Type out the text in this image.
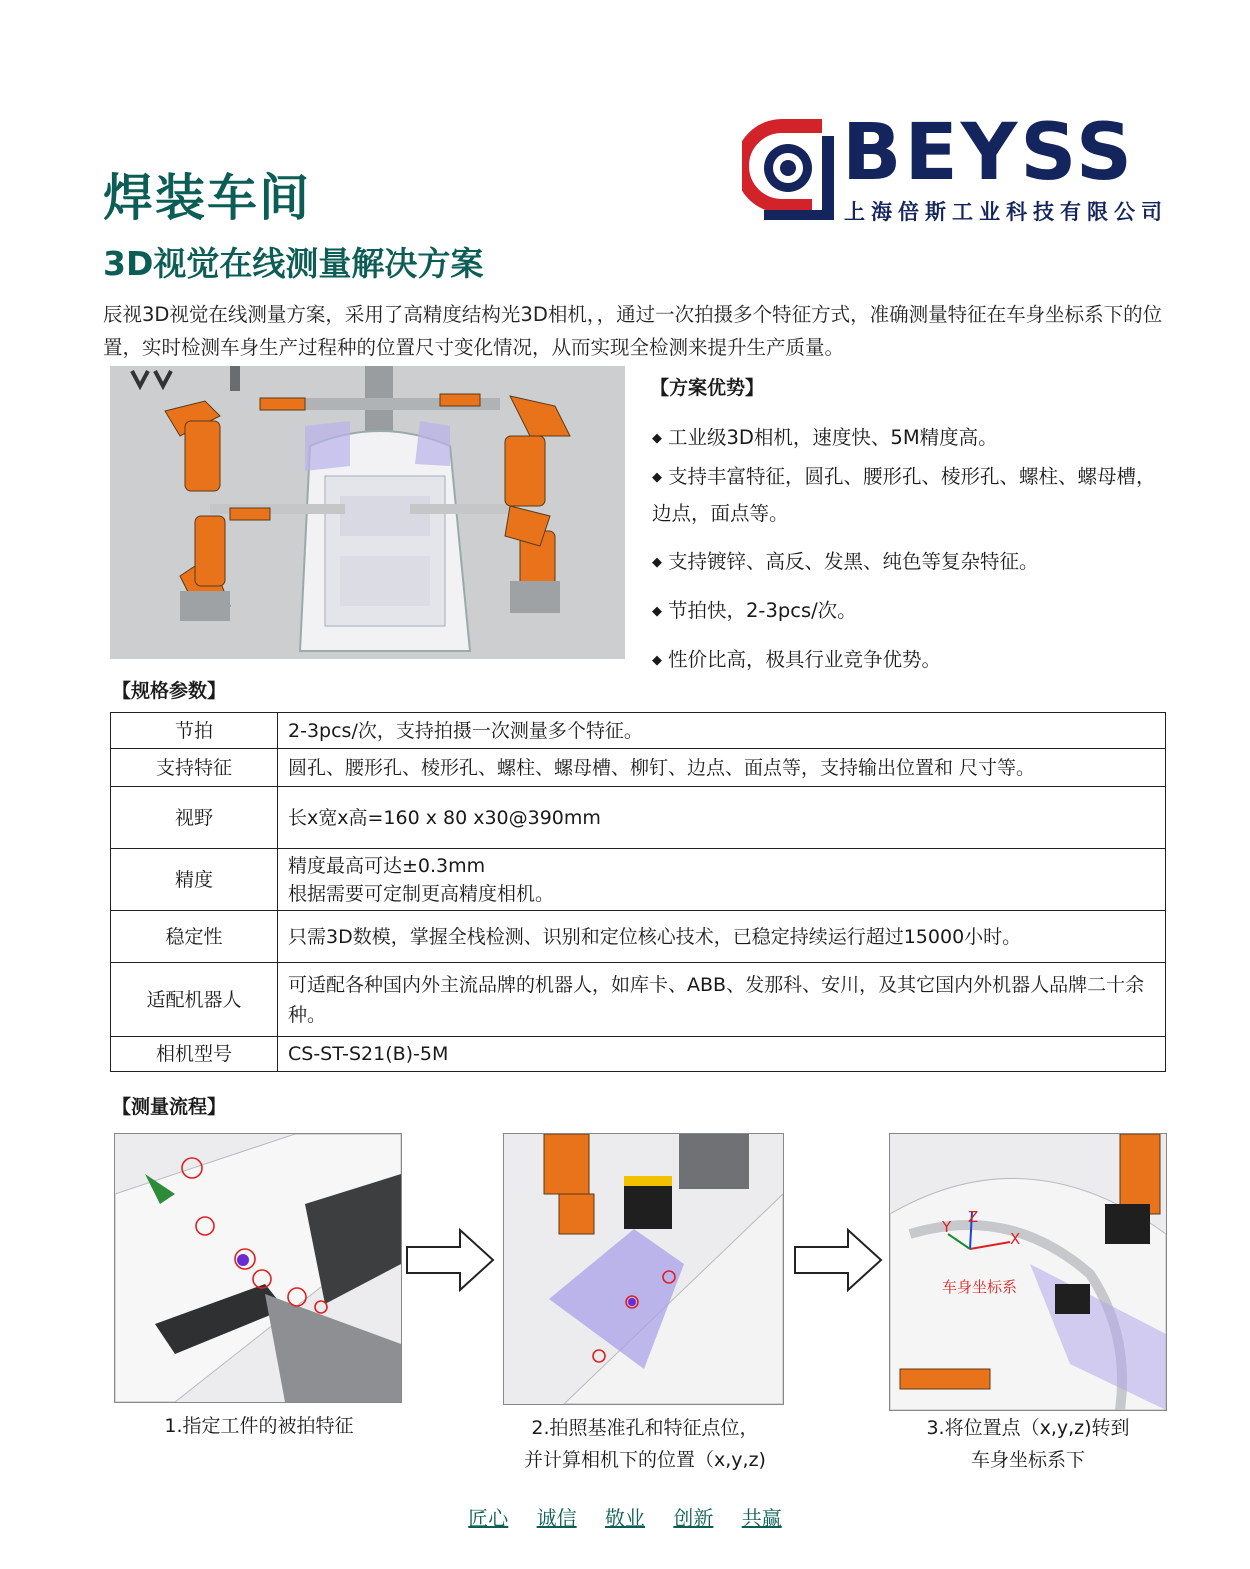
焊装车间
3D视觉在线测量解决方案
BEYSS
上海倍斯工业科技有限公司
辰视3D视觉在线测量方案，采用了高精度结构光3D相机，，通过一次拍摄多个特征方式，准确测量特征在车身坐标系下的位置，实时检测车身生产过程种的位置尺寸变化情况，从而实现全检测来提升生产质量。
【方案优势】
◆ 工业级3D相机，速度快、5M精度高。
◆ 支持丰富特征，圆孔、腰形孔、棱形孔、螺柱、螺母槽，边点，面点等。
◆ 支持镀锌、高反、发黑、纯色等复杂特征。
◆ 节拍快，2-3pcs/次。
◆ 性价比高，极具行业竞争优势。
【规格参数】
节拍	2-3pcs/次，支持拍摄一次测量多个特征。
支持特征	圆孔、腰形孔、棱形孔、螺柱、螺母槽、柳钉、边点、面点等，支持输出位置和 尺寸等。
视野	长x宽x高=160 x 80 x30@390mm
精度	精度最高可达±0.3mm
根据需要可定制更高精度相机。

稳定性	只需3D数模，掌握全栈检测、识别和定位核心技术，已稳定持续运行超过15000小时。
适配机器人	可适配各种国内外主流品牌的机器人，如库卡、ABB、发那科、安川，及其它国内外机器人品牌二十余种。
相机型号	CS-ST-S21(B)-5M
【测量流程】
X
Y
Z
车身坐标系
1.指定工件的被拍特征	2.拍照基准孔和特征点位，
并计算相机下的位置（x,y,z)
3.将位置点（x,y,z)转到
车身坐标系下
匠心 诚信 敬业 创新 共赢
